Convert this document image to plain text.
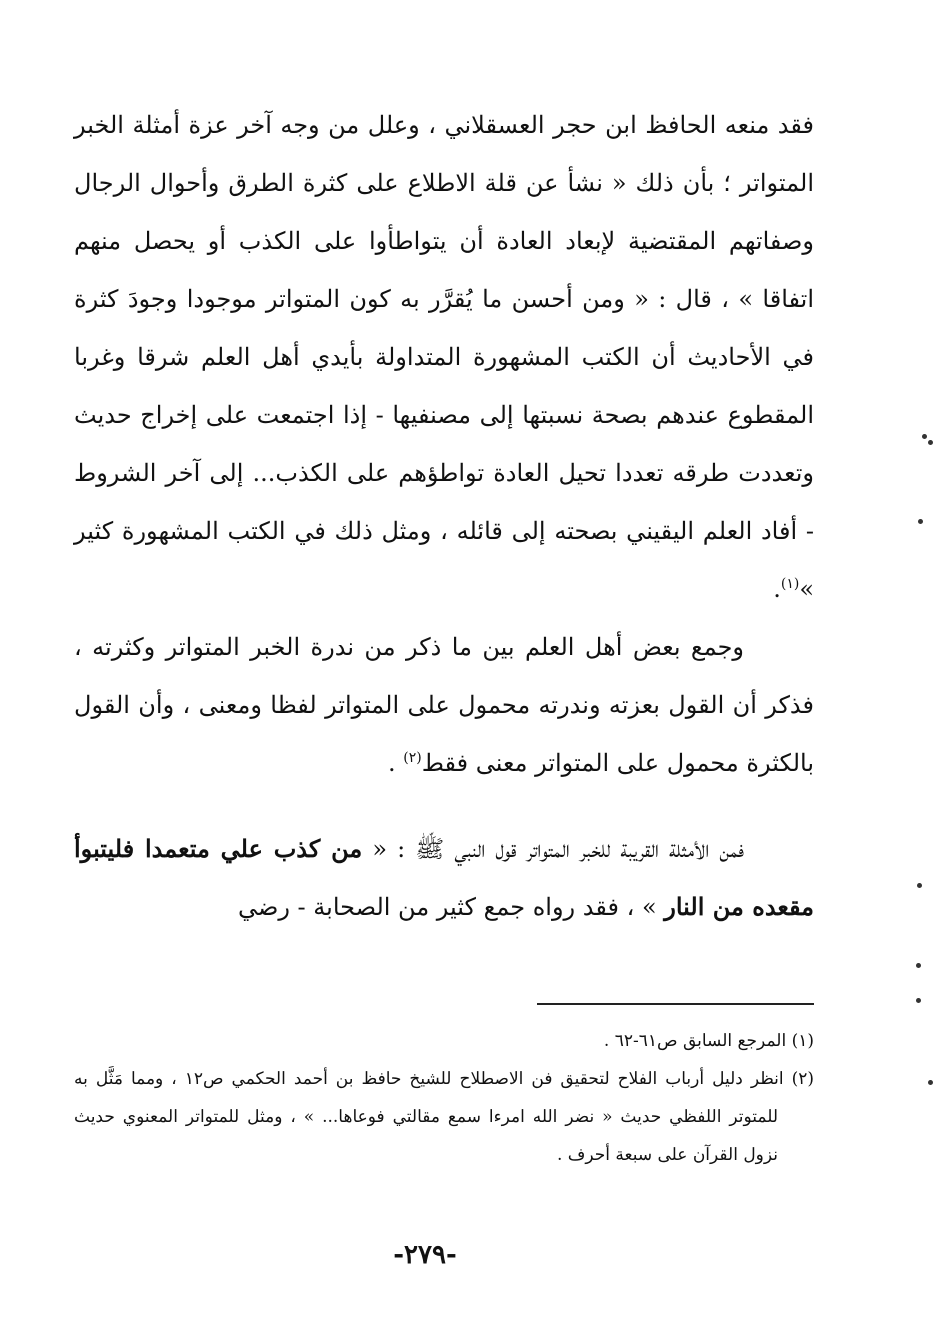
فقد منعه الحافظ ابن حجر العسقلاني ، وعلل من وجه آخر عزة أمثلة الخبر المتواتر ؛ بأن ذلك « نشأ عن قلة الاطلاع على كثرة الطرق وأحوال الرجال وصفاتهم المقتضية لإبعاد العادة أن يتواطأوا على الكذب أو يحصل منهم اتفاقا » ، قال : « ومن أحسن ما يُقرَّر به كون المتواتر موجودا وجودَ كثرة في الأحاديث أن الكتب المشهورة المتداولة بأيدي أهل العلم شرقا وغربا المقطوع عندهم بصحة نسبتها إلى مصنفيها - إذا اجتمعت على إخراج حديث وتعددت طرقه تعددا تحيل العادة تواطؤهم على الكذب... إلى آخر الشروط - أفاد العلم اليقيني بصحته إلى قائله ، ومثل ذلك في الكتب المشهورة كثير »$^{(١)}$.

وجمع بعض أهل العلم بين ما ذكر من ندرة الخبر المتواتر وكثرته ، فذكر أن القول بعزته وندرته محمول على المتواتر لفظا ومعنى ، وأن القول بالكثرة محمول على المتواتر معنى فقط$^{(٢)}$ .

فمن الأمثلة القريبة للخبر المتواتر قول النبي ﷺ : « من كذب علي متعمدا فليتبوأ مقعده من النار » ، فقد رواه جمع كثير من الصحابة - رضي

(١) المرجع السابق ص٦١-٦٢ .

(٢) انظر دليل أرباب الفلاح لتحقيق فن الاصطلاح للشيخ حافظ بن أحمد الحكمي ص١٢ ، ومما مَثَّل به للمتوتر اللفظي حديث « نضر الله امرءا سمع مقالتي فوعاها... » ، ومثل للمتواتر المعنوي حديث نزول القرآن على سبعة أحرف .

-٢٧٩-
